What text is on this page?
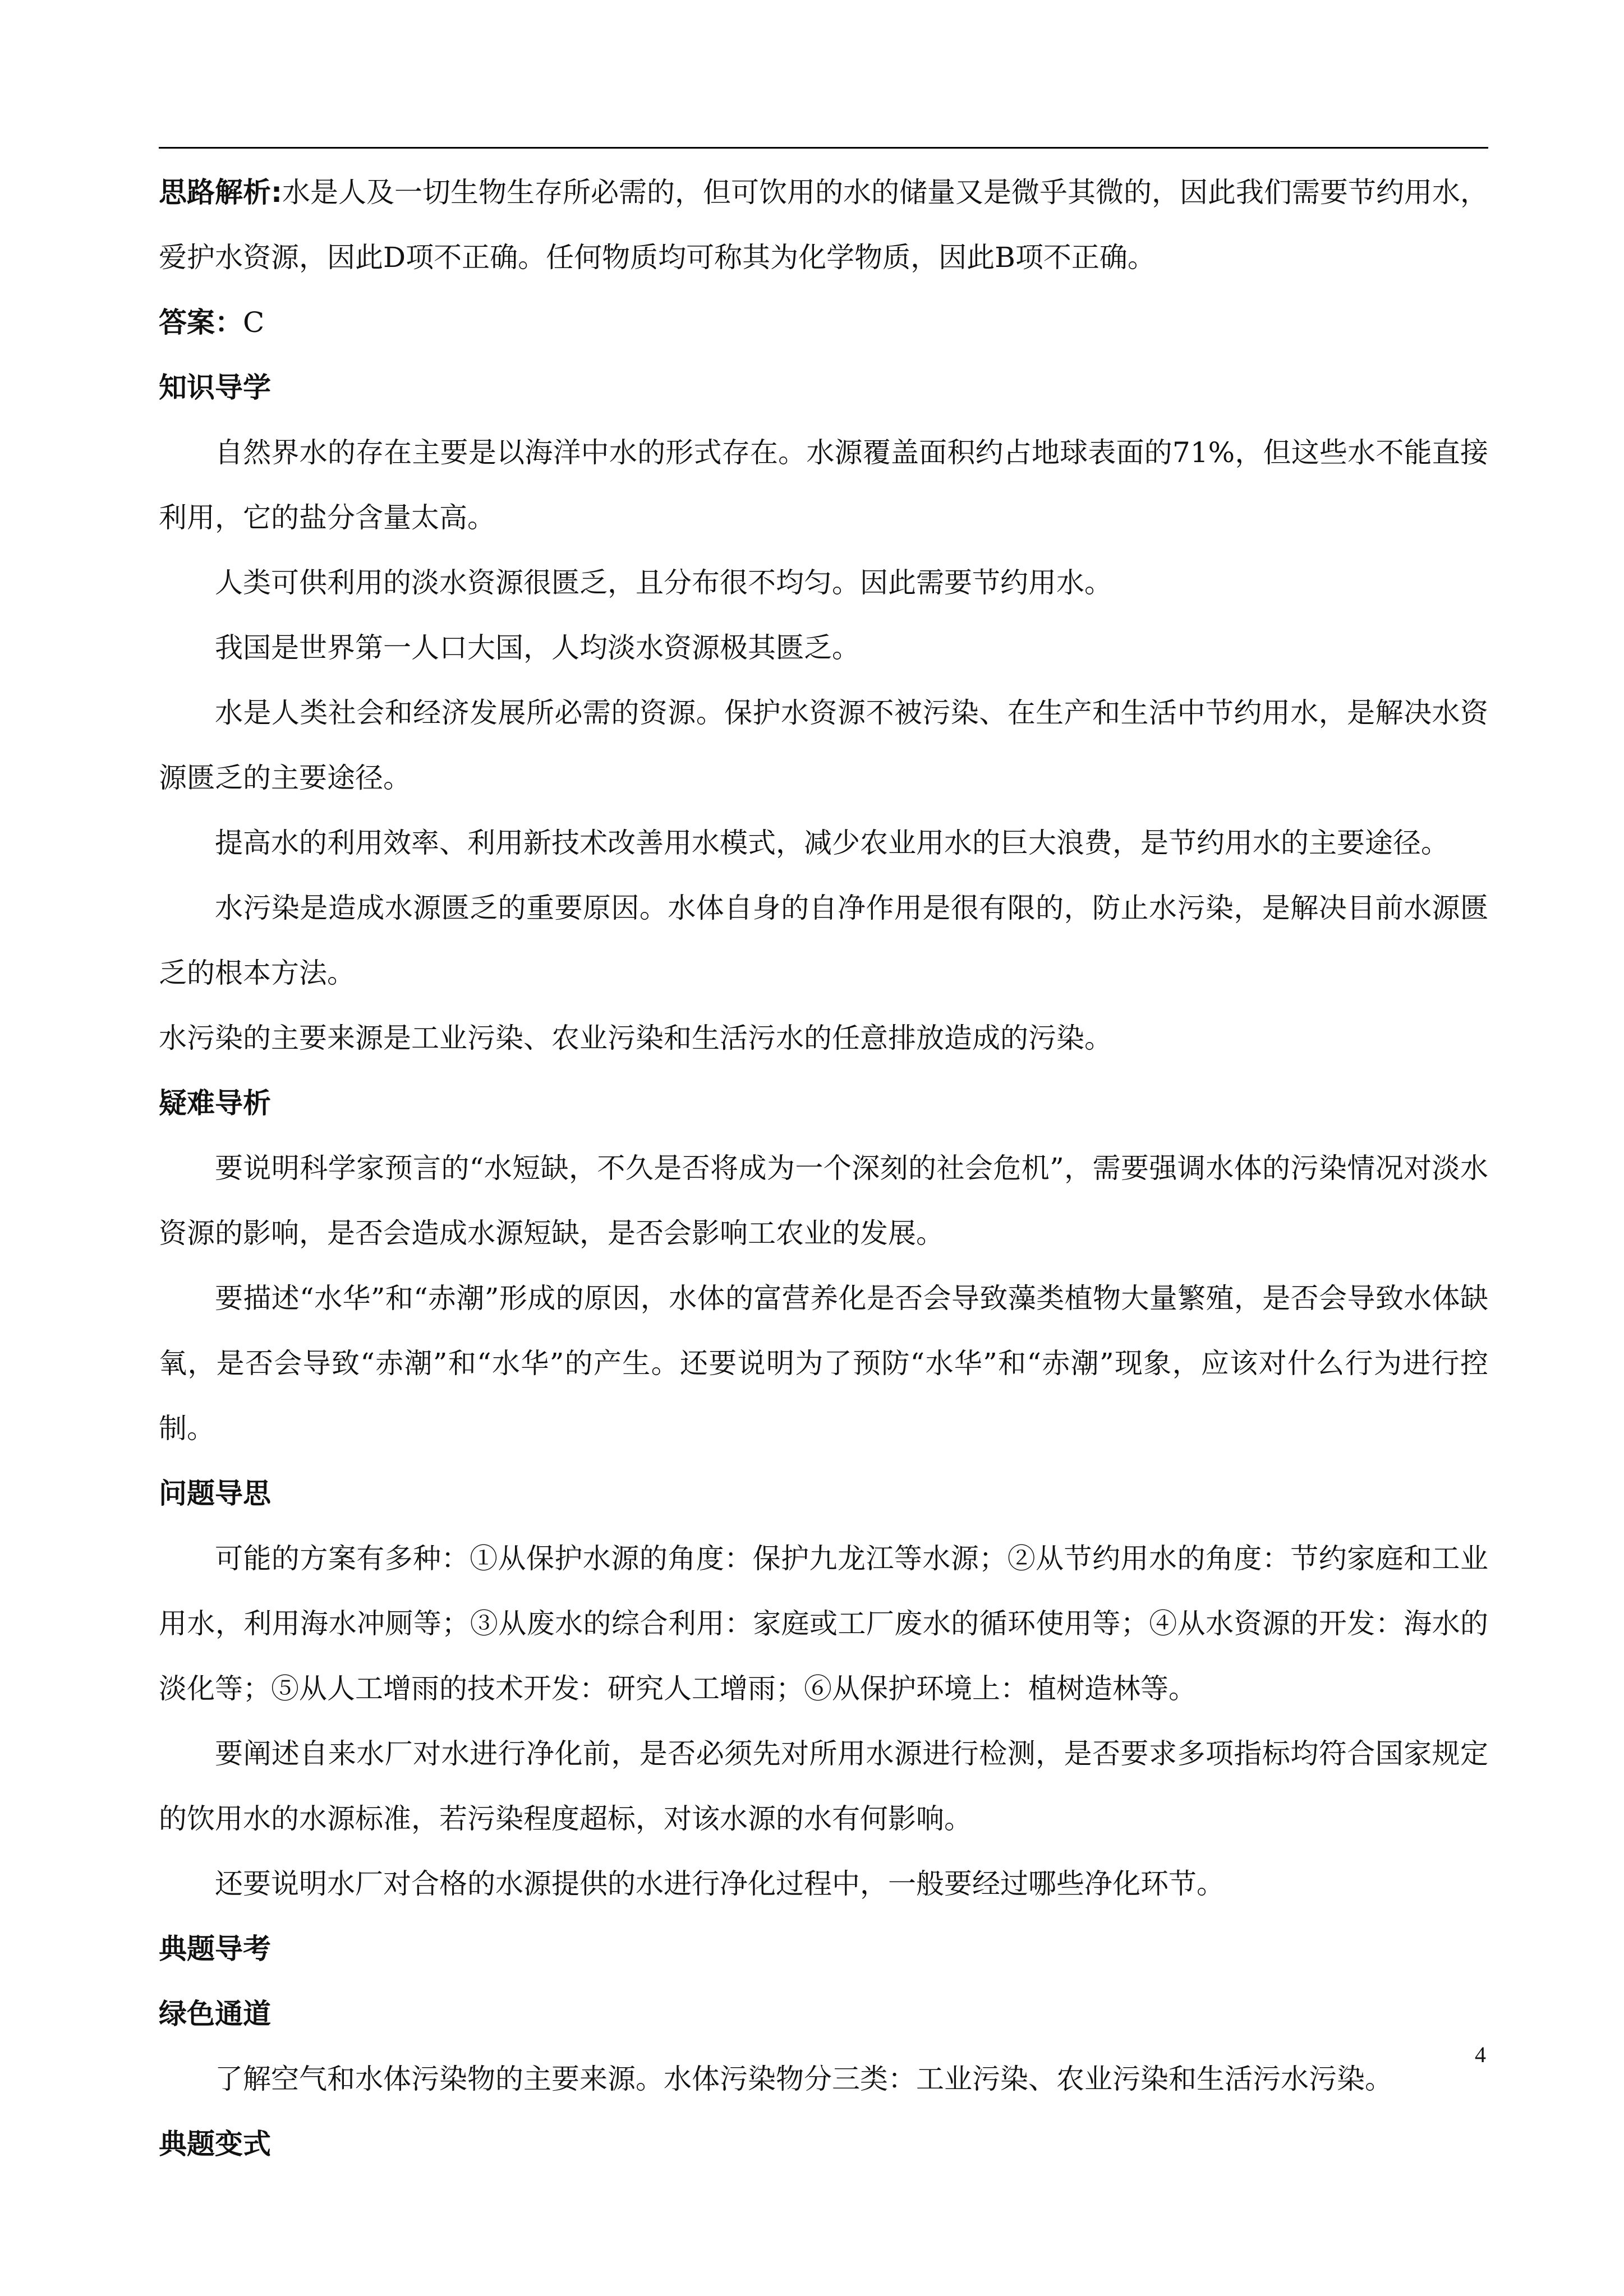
思路解析:水是人及一切生物生存所必需的，但可饮用的水的储量又是微乎其微的，因此我们需要节约用水，爱护水资源，因此D项不正确。任何物质均可称其为化学物质，因此B项不正确。

答案：C

知识导学

自然界水的存在主要是以海洋中水的形式存在。水源覆盖面积约占地球表面的71%，但这些水不能直接利用，它的盐分含量太高。

人类可供利用的淡水资源很匮乏，且分布很不均匀。因此需要节约用水。

我国是世界第一人口大国，人均淡水资源极其匮乏。

水是人类社会和经济发展所必需的资源。保护水资源不被污染、在生产和生活中节约用水，是解决水资源匮乏的主要途径。

提高水的利用效率、利用新技术改善用水模式，减少农业用水的巨大浪费，是节约用水的主要途径。

水污染是造成水源匮乏的重要原因。水体自身的自净作用是很有限的，防止水污染，是解决目前水源匮乏的根本方法。

水污染的主要来源是工业污染、农业污染和生活污水的任意排放造成的污染。

疑难导析

要说明科学家预言的“水短缺，不久是否将成为一个深刻的社会危机”，需要强调水体的污染情况对淡水资源的影响，是否会造成水源短缺，是否会影响工农业的发展。

要描述“水华”和“赤潮”形成的原因，水体的富营养化是否会导致藻类植物大量繁殖，是否会导致水体缺氧，是否会导致“赤潮”和“水华”的产生。还要说明为了预防“水华”和“赤潮”现象，应该对什么行为进行控制。

问题导思

可能的方案有多种：①从保护水源的角度：保护九龙江等水源；②从节约用水的角度：节约家庭和工业用水，利用海水冲厕等；③从废水的综合利用：家庭或工厂废水的循环使用等；④从水资源的开发：海水的淡化等；⑤从人工增雨的技术开发：研究人工增雨；⑥从保护环境上：植树造林等。

要阐述自来水厂对水进行净化前，是否必须先对所用水源进行检测，是否要求多项指标均符合国家规定的饮用水的水源标准，若污染程度超标，对该水源的水有何影响。

还要说明水厂对合格的水源提供的水进行净化过程中，一般要经过哪些净化环节。

典题导考
绿色通道

了解空气和水体污染物的主要来源。水体污染物分三类：工业污染、农业污染和生活污水污染。

典题变式
4
